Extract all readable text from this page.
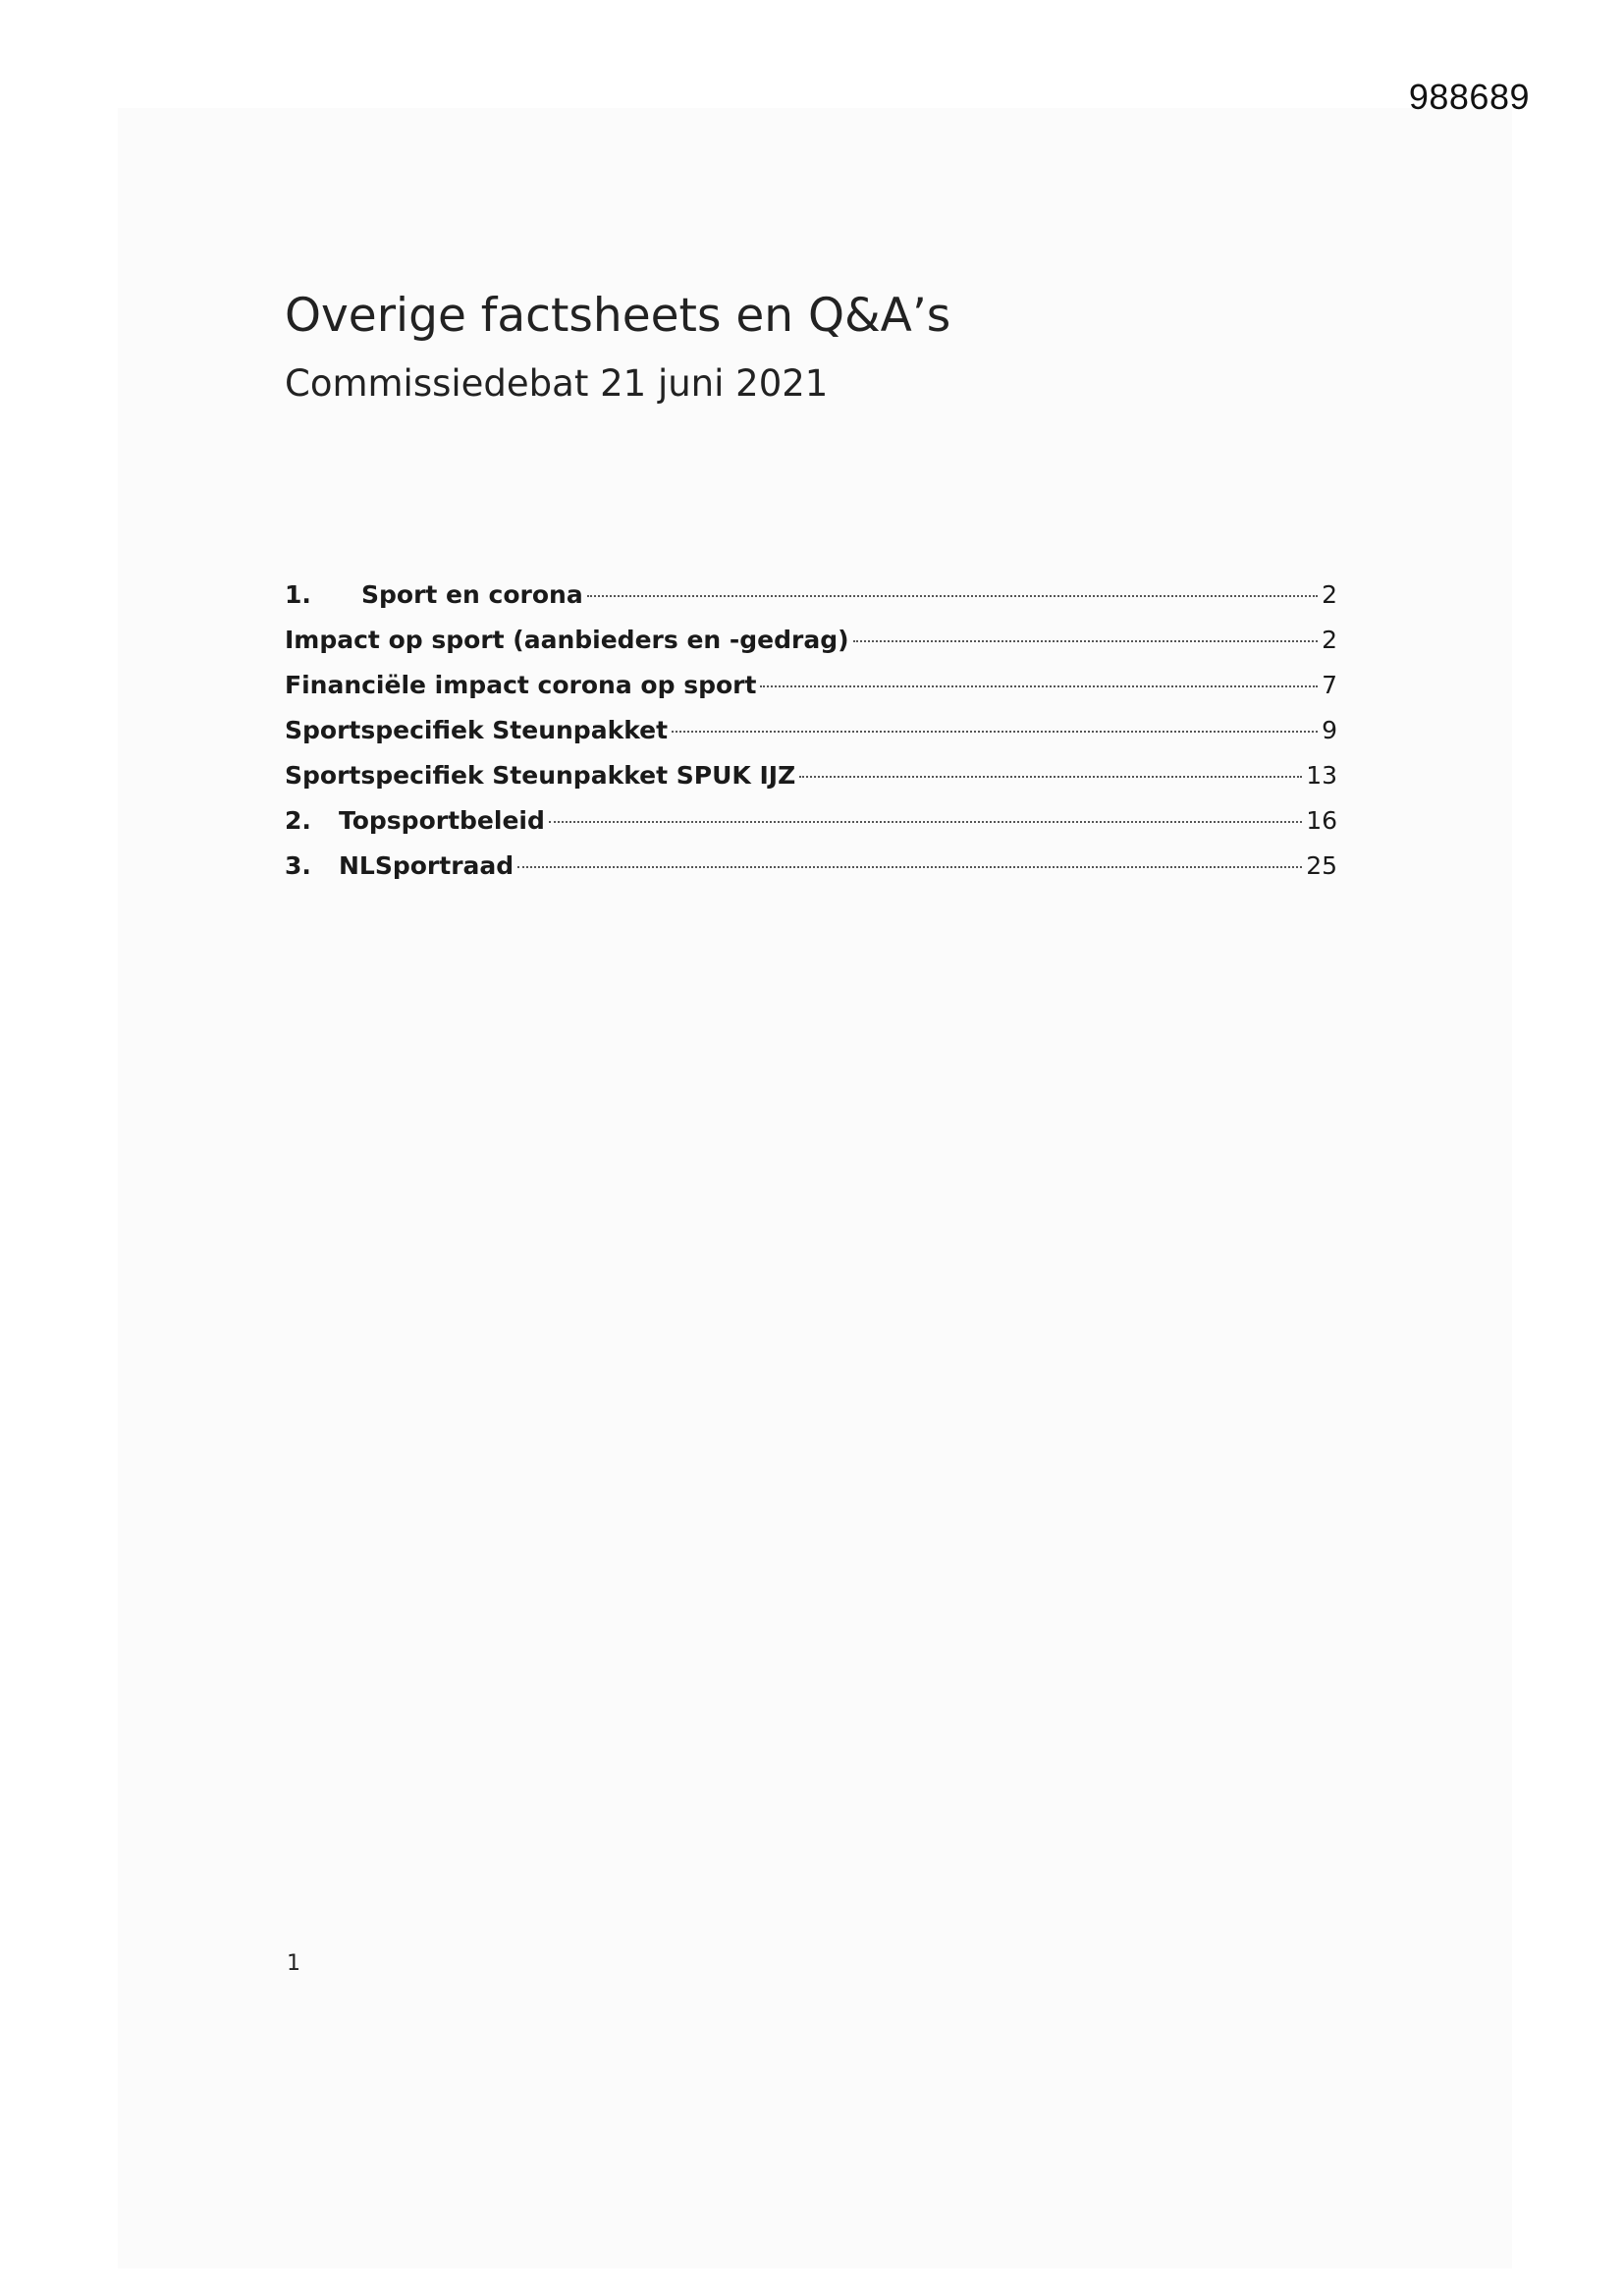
988689
Overige factsheets en Q&A’s
Commissiedebat 21 juni 2021
1.	Sport en corona	2
Impact op sport (aanbieders en -gedrag)	2
Financiële impact corona op sport	7
Sportspecifiek Steunpakket	9
Sportspecifiek Steunpakket SPUK IJZ	13
2.	Topsportbeleid	16
3.	NLSportraad	25
1
